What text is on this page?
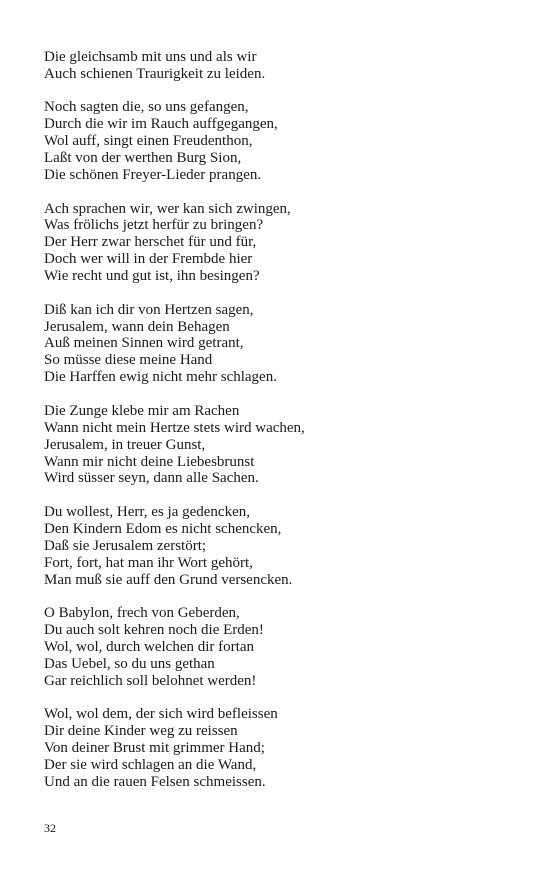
Die gleichsamb mit uns und als wir
Auch schienen Traurigkeit zu leiden.
Noch sagten die, so uns gefangen,
Durch die wir im Rauch auffgegangen,
Wol auff, singt einen Freudenthon,
Laßt von der werthen Burg Sion,
Die schönen Freyer-Lieder prangen.
Ach sprachen wir, wer kan sich zwingen,
Was frölichs jetzt herfür zu bringen?
Der Herr zwar herschet für und für,
Doch wer will in der Frembde hier
Wie recht und gut ist, ihn besingen?
Diß kan ich dir von Hertzen sagen,
Jerusalem, wann dein Behagen
Auß meinen Sinnen wird getrant,
So müsse diese meine Hand
Die Harffen ewig nicht mehr schlagen.
Die Zunge klebe mir am Rachen
Wann nicht mein Hertze stets wird wachen,
Jerusalem, in treuer Gunst,
Wann mir nicht deine Liebesbrunst
Wird süsser seyn, dann alle Sachen.
Du wollest, Herr, es ja gedencken,
Den Kindern Edom es nicht schencken,
Daß sie Jerusalem zerstört;
Fort, fort, hat man ihr Wort gehört,
Man muß sie auff den Grund versencken.
O Babylon, frech von Geberden,
Du auch solt kehren noch die Erden!
Wol, wol, durch welchen dir fortan
Das Uebel, so du uns gethan
Gar reichlich soll belohnet werden!
Wol, wol dem, der sich wird befleissen
Dir deine Kinder weg zu reissen
Von deiner Brust mit grimmer Hand;
Der sie wird schlagen an die Wand,
Und an die rauen Felsen schmeissen.
32
